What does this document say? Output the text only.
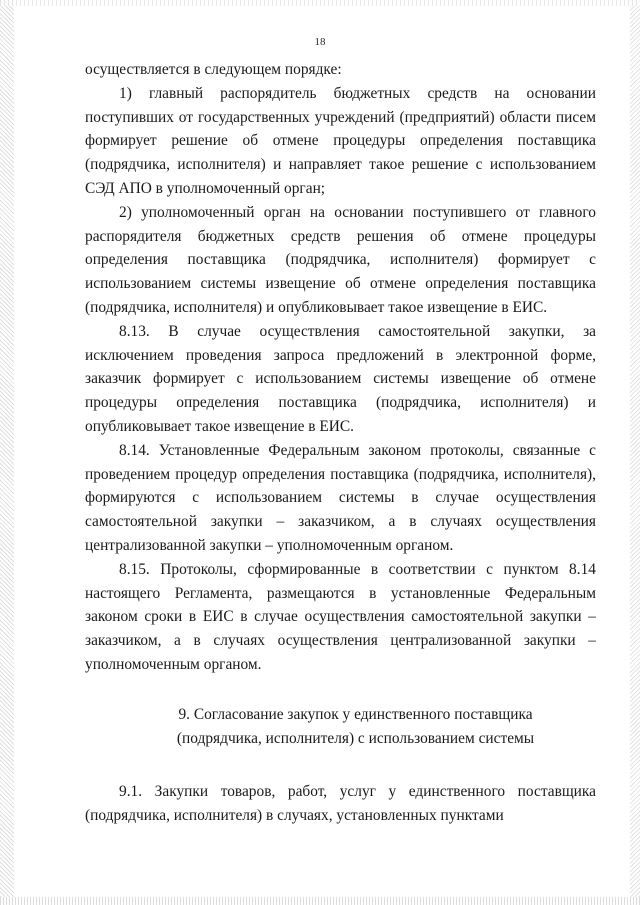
18

осуществляется в следующем порядке:

1) главный распорядитель бюджетных средств на основании поступивших от государственных учреждений (предприятий) области писем формирует решение об отмене процедуры определения поставщика (подрядчика, исполнителя) и направляет такое решение с использованием СЭД АПО в уполномоченный орган;

2) уполномоченный орган на основании поступившего от главного распорядителя бюджетных средств решения об отмене процедуры определения поставщика (подрядчика, исполнителя) формирует с использованием системы извещение об отмене определения поставщика (подрядчика, исполнителя) и опубликовывает такое извещение в ЕИС.

8.13. В случае осуществления самостоятельной закупки, за исключением проведения запроса предложений в электронной форме, заказчик формирует с использованием системы извещение об отмене процедуры определения поставщика (подрядчика, исполнителя) и опубликовывает такое извещение в ЕИС.

8.14. Установленные Федеральным законом протоколы, связанные с проведением процедур определения поставщика (подрядчика, исполнителя), формируются с использованием системы в случае осуществления самостоятельной закупки – заказчиком, а в случаях осуществления централизованной закупки – уполномоченным органом.

8.15. Протоколы, сформированные в соответствии с пунктом 8.14 настоящего Регламента, размещаются в установленные Федеральным законом сроки в ЕИС в случае осуществления самостоятельной закупки – заказчиком, а в случаях осуществления централизованной закупки – уполномоченным органом.

9. Согласование закупок у единственного поставщика

(подрядчика, исполнителя) с использованием системы

9.1. Закупки товаров, работ, услуг у единственного поставщика (подрядчика, исполнителя) в случаях, установленных пунктами
